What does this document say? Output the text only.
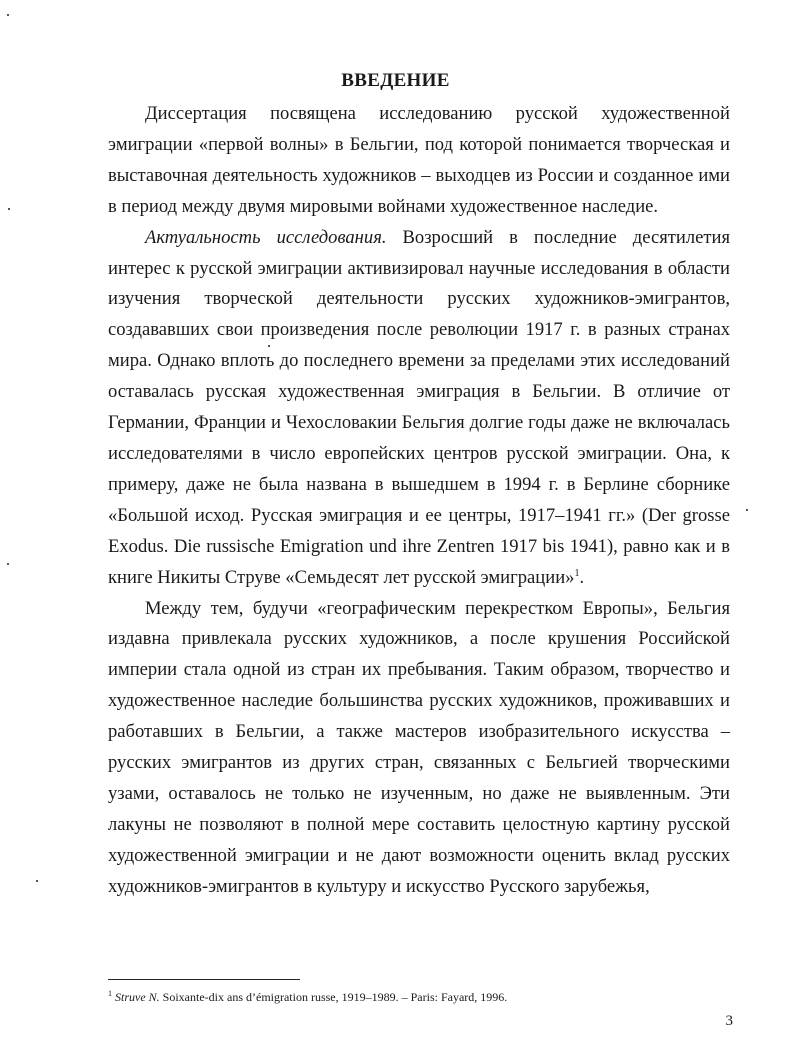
ВВЕДЕНИЕ

Диссертация посвящена исследованию русской художественной эмиграции «первой волны» в Бельгии, под которой понимается творческая и выставочная деятельность художников – выходцев из России и созданное ими в период между двумя мировыми войнами художественное наследие.

Актуальность исследования. Возросший в последние десятилетия интерес к русской эмиграции активизировал научные исследования в области изучения творческой деятельности русских художников-эмигрантов, создававших свои произведения после революции 1917 г. в разных странах мира. Однако вплоть до последнего времени за пределами этих исследований оставалась русская художественная эмиграция в Бельгии. В отличие от Германии, Франции и Чехословакии Бельгия долгие годы даже не включалась исследователями в число европейских центров русской эмиграции. Она, к примеру, даже не была названа в вышедшем в 1994 г. в Берлине сборнике «Большой исход. Русская эмиграция и ее центры, 1917–1941 гг.» (Der grosse Exodus. Die russische Emigration und ihre Zentren 1917 bis 1941), равно как и в книге Никиты Струве «Семьдесят лет русской эмиграции»$^1$.

Между тем, будучи «географическим перекрестком Европы», Бельгия издавна привлекала русских художников, а после крушения Российской империи стала одной из стран их пребывания. Таким образом, творчество и художественное наследие большинства русских художников, проживавших и работавших в Бельгии, а также мастеров изобразительного искусства – русских эмигрантов из других стран, связанных с Бельгией творческими узами, оставалось не только не изученным, но даже не выявленным. Эти лакуны не позволяют в полной мере составить целостную картину русской художественной эмиграции и не дают возможности оценить вклад русских художников-эмигрантов в культуру и искусство Русского зарубежья,

$^1$ Struve N. Soixante-dix ans d’émigration russe, 1919–1989. – Paris: Fayard, 1996.

3
